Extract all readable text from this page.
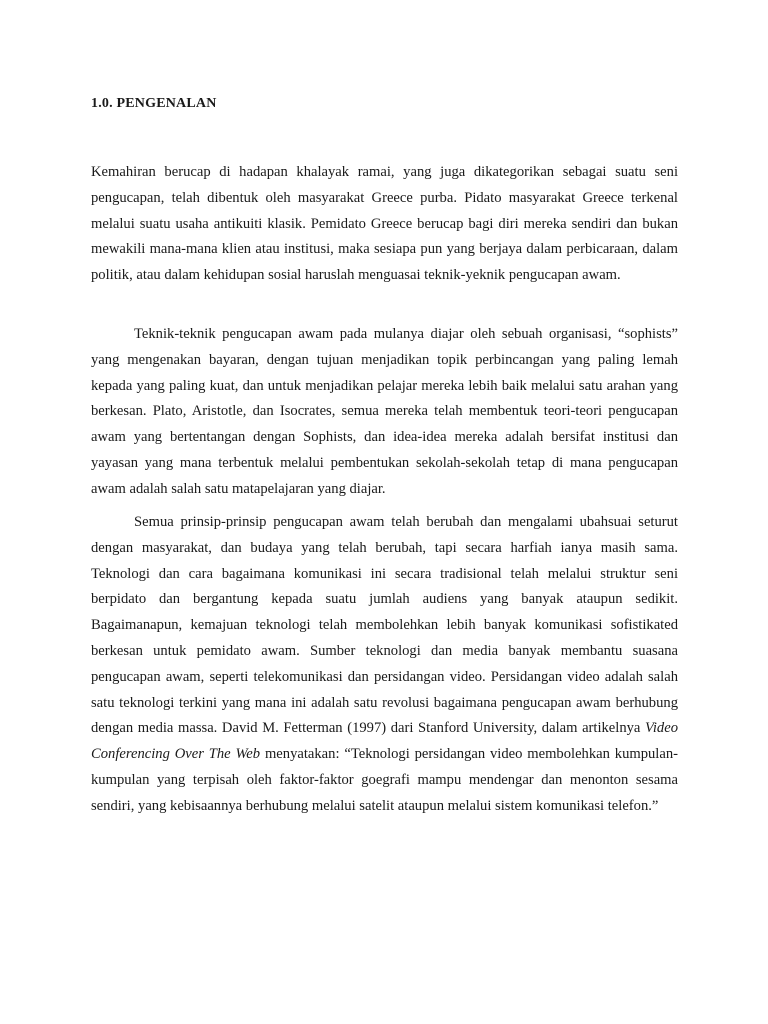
1.0. PENGENALAN

Kemahiran berucap di hadapan khalayak ramai, yang juga dikategorikan sebagai suatu seni pengucapan, telah dibentuk oleh masyarakat Greece purba. Pidato masyarakat Greece terkenal melalui suatu usaha antikuiti klasik. Pemidato Greece berucap bagi diri mereka sendiri dan bukan mewakili mana-mana klien atau institusi, maka sesiapa pun yang berjaya dalam perbicaraan, dalam politik, atau dalam kehidupan sosial haruslah menguasai teknik-yeknik pengucapan awam.

Teknik-teknik pengucapan awam pada mulanya diajar oleh sebuah organisasi, “sophists” yang mengenakan bayaran, dengan tujuan menjadikan topik perbincangan yang paling lemah kepada yang paling kuat, dan untuk menjadikan pelajar mereka lebih baik melalui satu arahan yang berkesan. Plato, Aristotle, dan Isocrates, semua mereka telah membentuk teori-teori pengucapan awam yang bertentangan dengan Sophists, dan idea-idea mereka adalah bersifat institusi dan yayasan yang mana terbentuk melalui pembentukan sekolah-sekolah tetap di mana pengucapan awam adalah salah satu matapelajaran yang diajar.

Semua prinsip-prinsip pengucapan awam telah berubah dan mengalami ubahsuai seturut dengan masyarakat, dan budaya yang telah berubah, tapi secara harfiah ianya masih sama. Teknologi dan cara bagaimana komunikasi ini secara tradisional telah melalui struktur seni berpidato dan bergantung kepada suatu jumlah audiens yang banyak ataupun sedikit. Bagaimanapun, kemajuan teknologi telah membolehkan lebih banyak komunikasi sofistikated berkesan untuk pemidato awam. Sumber teknologi dan media banyak membantu suasana pengucapan awam, seperti telekomunikasi dan persidangan video. Persidangan video adalah salah satu teknologi terkini yang mana ini adalah satu revolusi bagaimana pengucapan awam berhubung dengan media massa. David M. Fetterman (1997) dari Stanford University, dalam artikelnya Video Conferencing Over The Web menyatakan: “Teknologi persidangan video membolehkan kumpulan-kumpulan yang terpisah oleh faktor-faktor goegrafi mampu mendengar dan menonton sesama sendiri, yang kebisaannya berhubung melalui satelit ataupun melalui sistem komunikasi telefon.”
